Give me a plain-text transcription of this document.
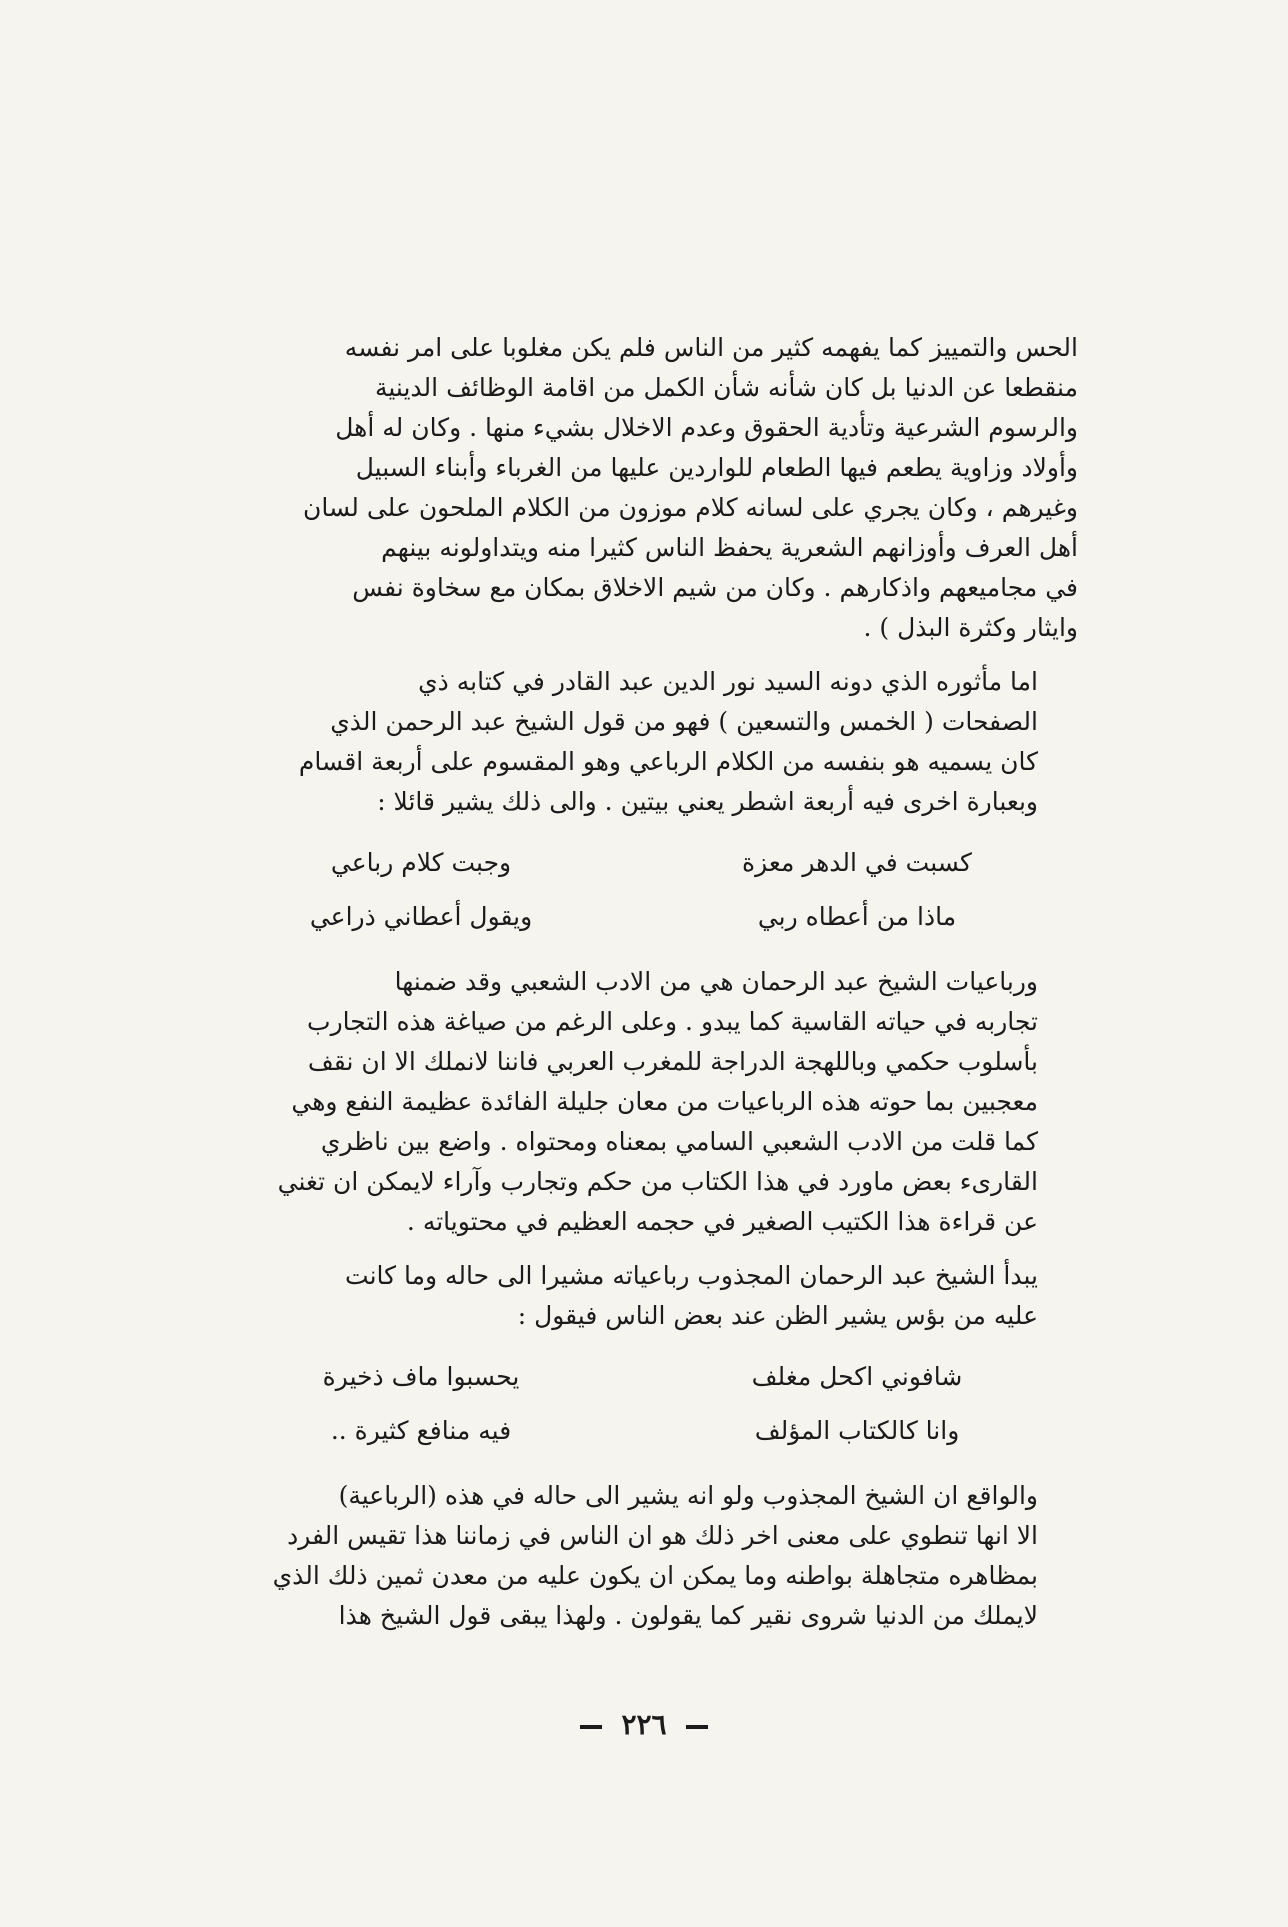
الحس والتمييز كما يفهمه كثير من الناس فلم يكن مغلوبا على امر نفسه
منقطعا عن الدنيا بل كان شأنه شأن الكمل من اقامة الوظائف الدينية
والرسوم الشرعية وتأدية الحقوق وعدم الاخلال بشيء منها . وكان له أهل
وأولاد وزاوية يطعم فيها الطعام للواردين عليها من الغرباء وأبناء السبيل
وغيرهم ، وكان يجري على لسانه كلام موزون من الكلام الملحون على لسان
أهل العرف وأوزانهم الشعرية يحفظ الناس كثيرا منه ويتداولونه بينهم
في مجاميعهم واذكارهم . وكان من شيم الاخلاق بمكان مع سخاوة نفس
وايثار وكثرة البذل ) .

اما مأثوره الذي دونه السيد نور الدين عبد القادر في كتابه ذي
الصفحات ( الخمس والتسعين ) فهو من قول الشيخ عبد الرحمن الذي
كان يسميه هو بنفسه من الكلام الرباعي وهو المقسوم على أربعة اقسام
وبعبارة اخرى فيه أربعة اشطر يعني بيتين . والى ذلك يشير قائلا :

كسبت في الدهر معزة
وجبت كلام رباعي
ماذا من أعطاه ربي
ويقول أعطاني ذراعي

ورباعيات الشيخ عبد الرحمان هي من الادب الشعبي وقد ضمنها
تجاربه في حياته القاسية كما يبدو . وعلى الرغم من صياغة هذه التجارب
بأسلوب حكمي وباللهجة الدراجة للمغرب العربي فاننا لانملك الا ان نقف
معجبين بما حوته هذه الرباعيات من معان جليلة الفائدة عظيمة النفع وهي
كما قلت من الادب الشعبي السامي بمعناه ومحتواه . واضع بين ناظري
القارىء بعض ماورد في هذا الكتاب من حكم وتجارب وآراء لايمكن ان تغني
عن قراءة هذا الكتيب الصغير في حجمه العظيم في محتوياته .

يبدأ الشيخ عبد الرحمان المجذوب رباعياته مشيرا الى حاله وما كانت
عليه من بؤس يشير الظن عند بعض الناس فيقول :

شافوني اكحل مغلف
يحسبوا ماف ذخيرة
وانا كالكتاب المؤلف
فيه منافع كثيرة ..

والواقع ان الشيخ المجذوب ولو انه يشير الى حاله في هذه (الرباعية)
الا انها تنطوي على معنى اخر ذلك هو ان الناس في زماننا هذا تقيس الفرد
بمظاهره متجاهلة بواطنه وما يمكن ان يكون عليه من معدن ثمين ذلك الذي
لايملك من الدنيا شروى نقير كما يقولون . ولهذا يبقى قول الشيخ هذا

٢٢٦
